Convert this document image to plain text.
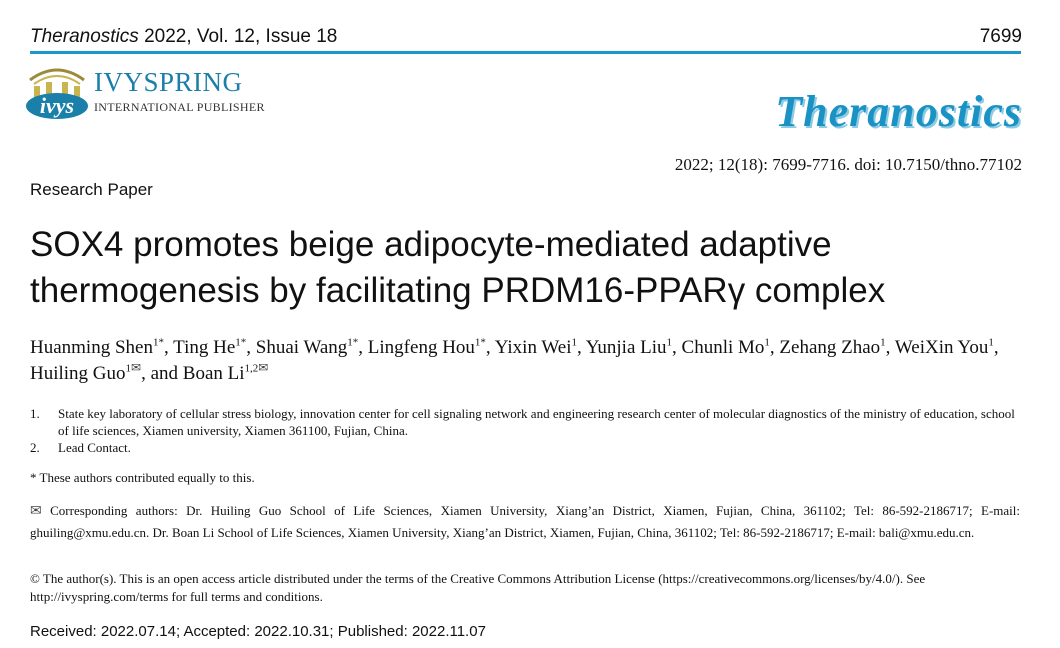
Theranostics 2022, Vol. 12, Issue 18	7699
ivys
IVYSPRING
INTERNATIONAL PUBLISHER	Theranostics
2022; 12(18): 7699-7716. doi: 10.7150/thno.77102
Research Paper
SOX4 promotes beige adipocyte-mediated adaptive
thermogenesis by facilitating PRDM16-PPARγ complex
Huanming Shen$^{1*}$, Ting $He^{1*}$, Shuai Wang$^{1*}$, Lingfeng Hou$^{1*}$, Yixin Wei$^1$, Yunjia Liu$^1$, Chunli Mo$^1$, Zehang Zhao$^1$, WeiXin You$^1$, Huiling Guo$^{1✉}$, and Boan $Li^{1,2✉}$
1.	State key laboratory of cellular stress biology, innovation center for cell signaling network and engineering research center of molecular diagnostics of the ministry of education, school of life sciences, Xiamen university, Xiamen 361100, Fujian, China.
2.	Lead Contact.
* These authors contributed equally to this.
✉ Corresponding authors: Dr. Huiling Guo School of Life Sciences, Xiamen University, Xiang’an District, Xiamen, Fujian, China, 361102; Tel: 86-592-2186717; E-mail: ghuiling@xmu.edu.cn. Dr. Boan Li School of Life Sciences, Xiamen University, Xiang’an District, Xiamen, Fujian, China, 361102; Tel: 86-592-2186717; E-mail: bali@xmu.edu.cn.
© The author(s). This is an open access article distributed under the terms of the Creative Commons Attribution License (https://creativecommons.org/licenses/by/4.0/). See http://ivyspring.com/terms for full terms and conditions.
Received: 2022.07.14; Accepted: 2022.10.31; Published: 2022.11.07
